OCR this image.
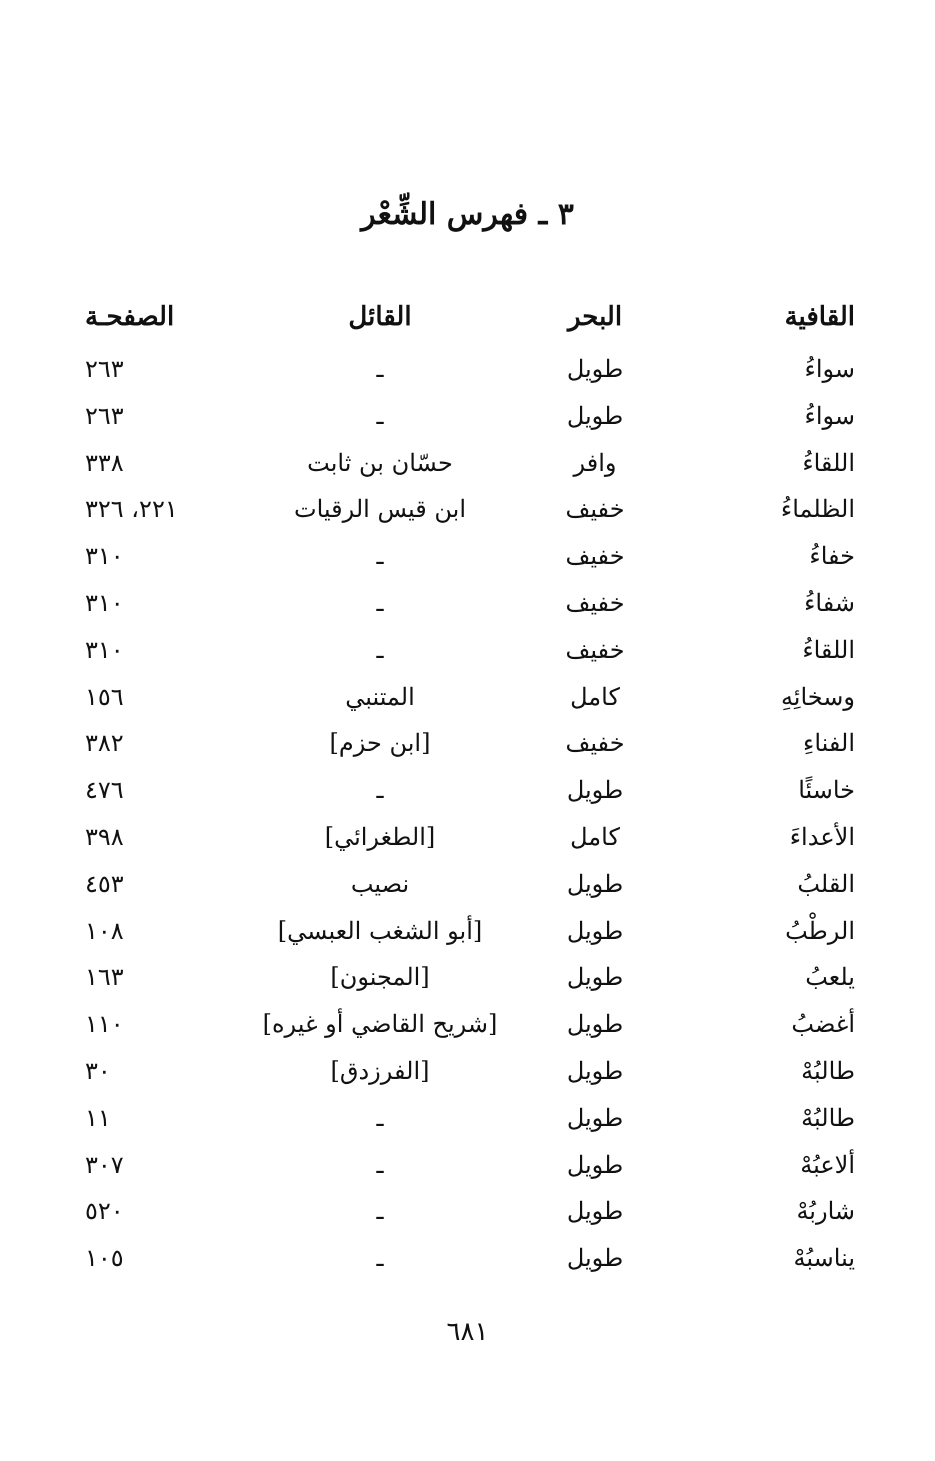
٣ ـ فهرس الشِّعْر
القافية
البحر
القائل
الصفحـة
سواءُ
طويل
ـ
٢٦٣
سواءُ
طويل
ـ
٢٦٣
اللقاءُ
وافر
حسّان بن ثابت
٣٣٨
الظلماءُ
خفيف
ابن قيس الرقيات
٢٢١، ٣٢٦
خفاءُ
خفيف
ـ
٣١٠
شفاءُ
خفيف
ـ
٣١٠
اللقاءُ
خفيف
ـ
٣١٠
وسخائِهِ
كامل
المتنبي
١٥٦
الفناءِ
خفيف
[ابن حزم]
٣٨٢
خاسئًا
طويل
ـ
٤٧٦
الأعداءَ
كامل
[الطغرائي]
٣٩٨
القلبُ
طويل
نصيب
٤٥٣
الرطْبُ
طويل
[أبو الشغب العبسي]
١٠٨
يلعبُ
طويل
[المجنون]
١٦٣
أغضبُ
طويل
[شريح القاضي أو غيره]
١١٠
طالبُهْ
طويل
[الفرزدق]
٣٠
طالبُهْ
طويل
ـ
١١
ألاعبُهْ
طويل
ـ
٣٠٧
شاربُهْ
طويل
ـ
٥٢٠
يناسبُهْ
طويل
ـ
١٠٥
٦٨١
